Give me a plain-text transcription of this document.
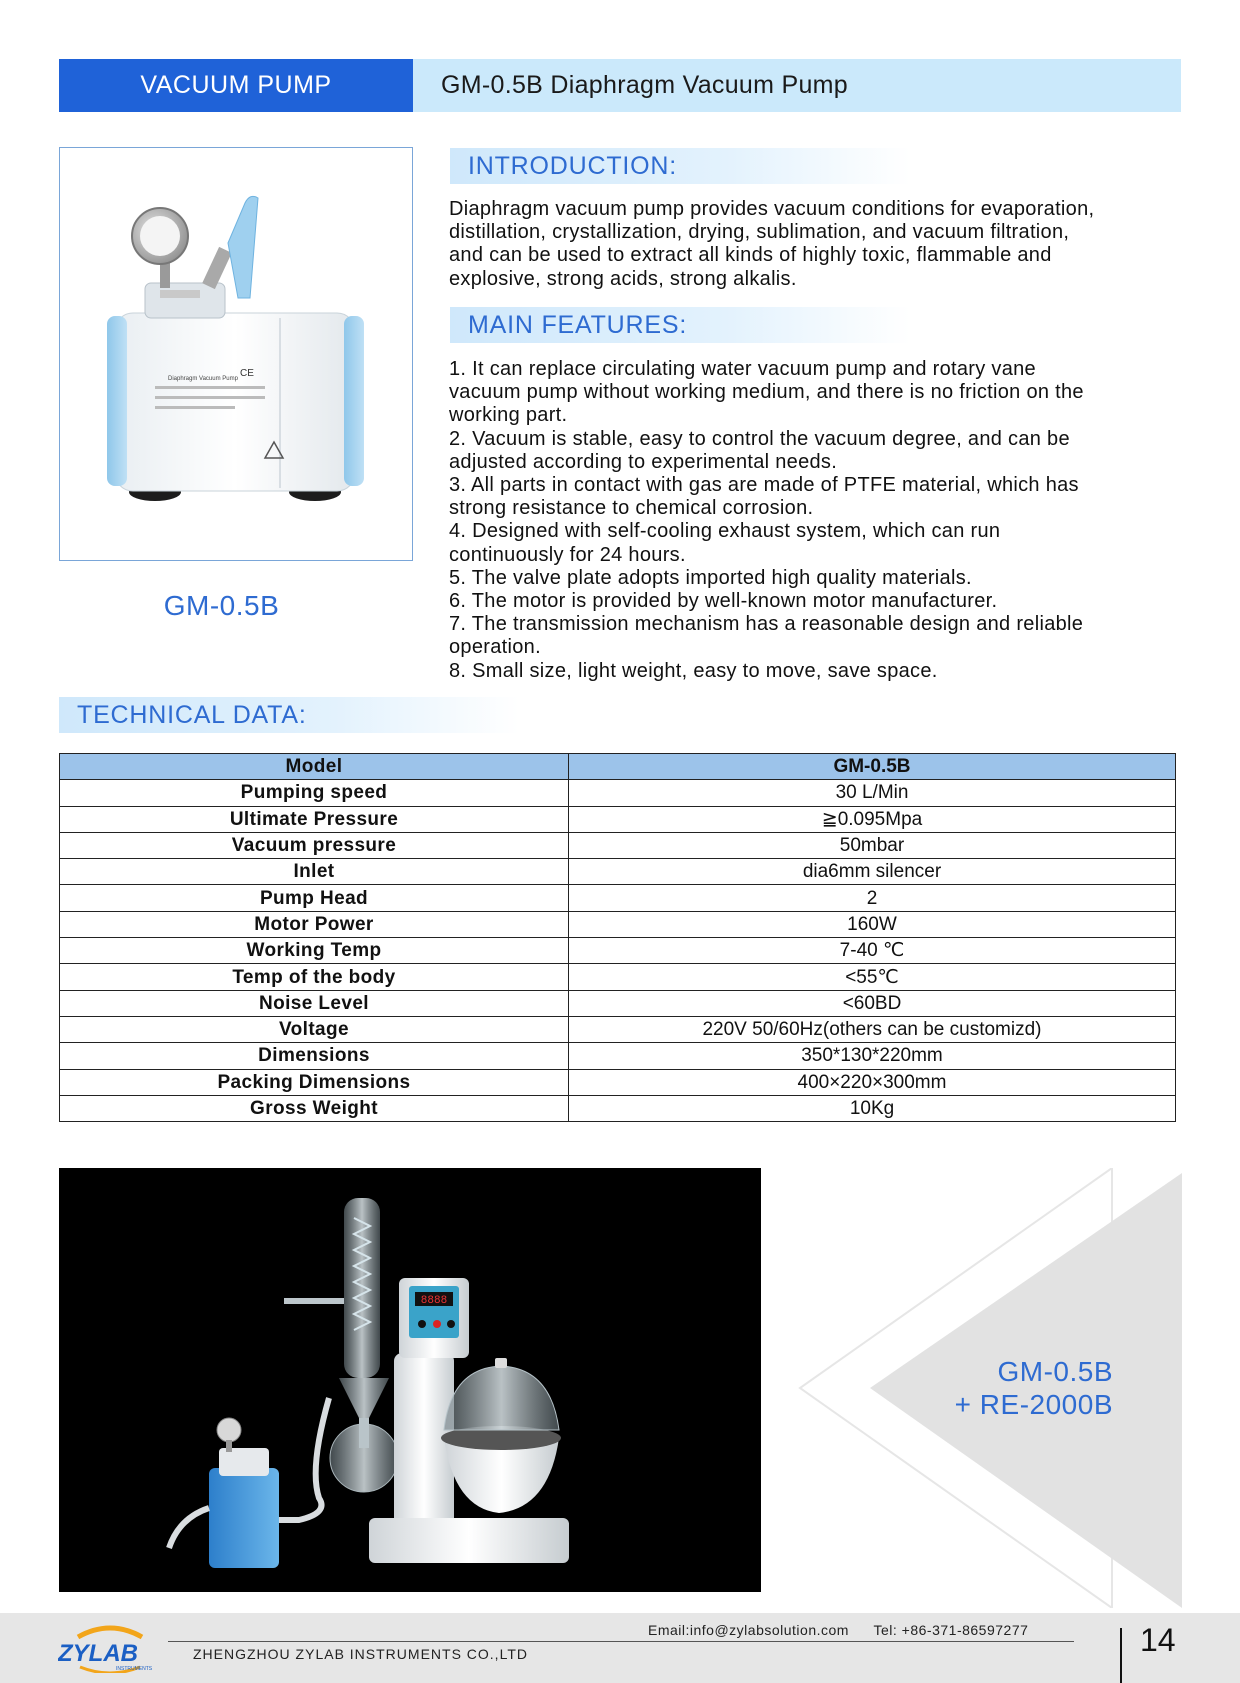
VACUUM PUMP	GM-0.5B Diaphragm Vacuum Pump
Diaphragm Vacuum Pump CE
GM-0.5B
INTRODUCTION:
Diaphragm vacuum pump provides vacuum conditions for evaporation,
distillation, crystallization, drying, sublimation, and vacuum filtration,
and can be used to extract all kinds of highly toxic, flammable and
explosive, strong acids, strong alkalis.
MAIN FEATURES:
1. It can replace circulating water vacuum pump and rotary vane
vacuum pump without working medium, and there is no friction on the
working part.
2. Vacuum is stable, easy to control the vacuum degree, and can be
adjusted according to experimental needs.
3. All parts in contact with gas are made of PTFE material, which has
strong resistance to chemical corrosion.
4. Designed with self-cooling exhaust system, which can run
continuously for 24 hours.
5. The valve plate adopts imported high quality materials.
6. The motor is provided by well-known motor manufacturer.
7. The transmission mechanism has a reasonable design and reliable
operation.
8. Small size, light weight, easy to move, save space.
TECHNICAL DATA:
Model	GM-0.5B
Pumping speed	30 L/Min
Ultimate Pressure	≧0.095Mpa
Vacuum pressure	50mbar
Inlet	dia6mm silencer
Pump Head	2
Motor Power	160W
Working Temp	7-40 ℃
Temp of the body	<55℃
Noise Level	<60BD
Voltage	220V 50/60Hz(others can be customizd)
Dimensions	350*130*220mm
Packing Dimensions	400×220×300mm
Gross Weight	10Kg
GM-0.5B
+ RE-2000B
8888
ZYLAB
INSTRUMENTS
Email:info@zylabsolution.com Tel: +86-371-86597277
ZHENGZHOU ZYLAB INSTRUMENTS CO.,LTD	14
